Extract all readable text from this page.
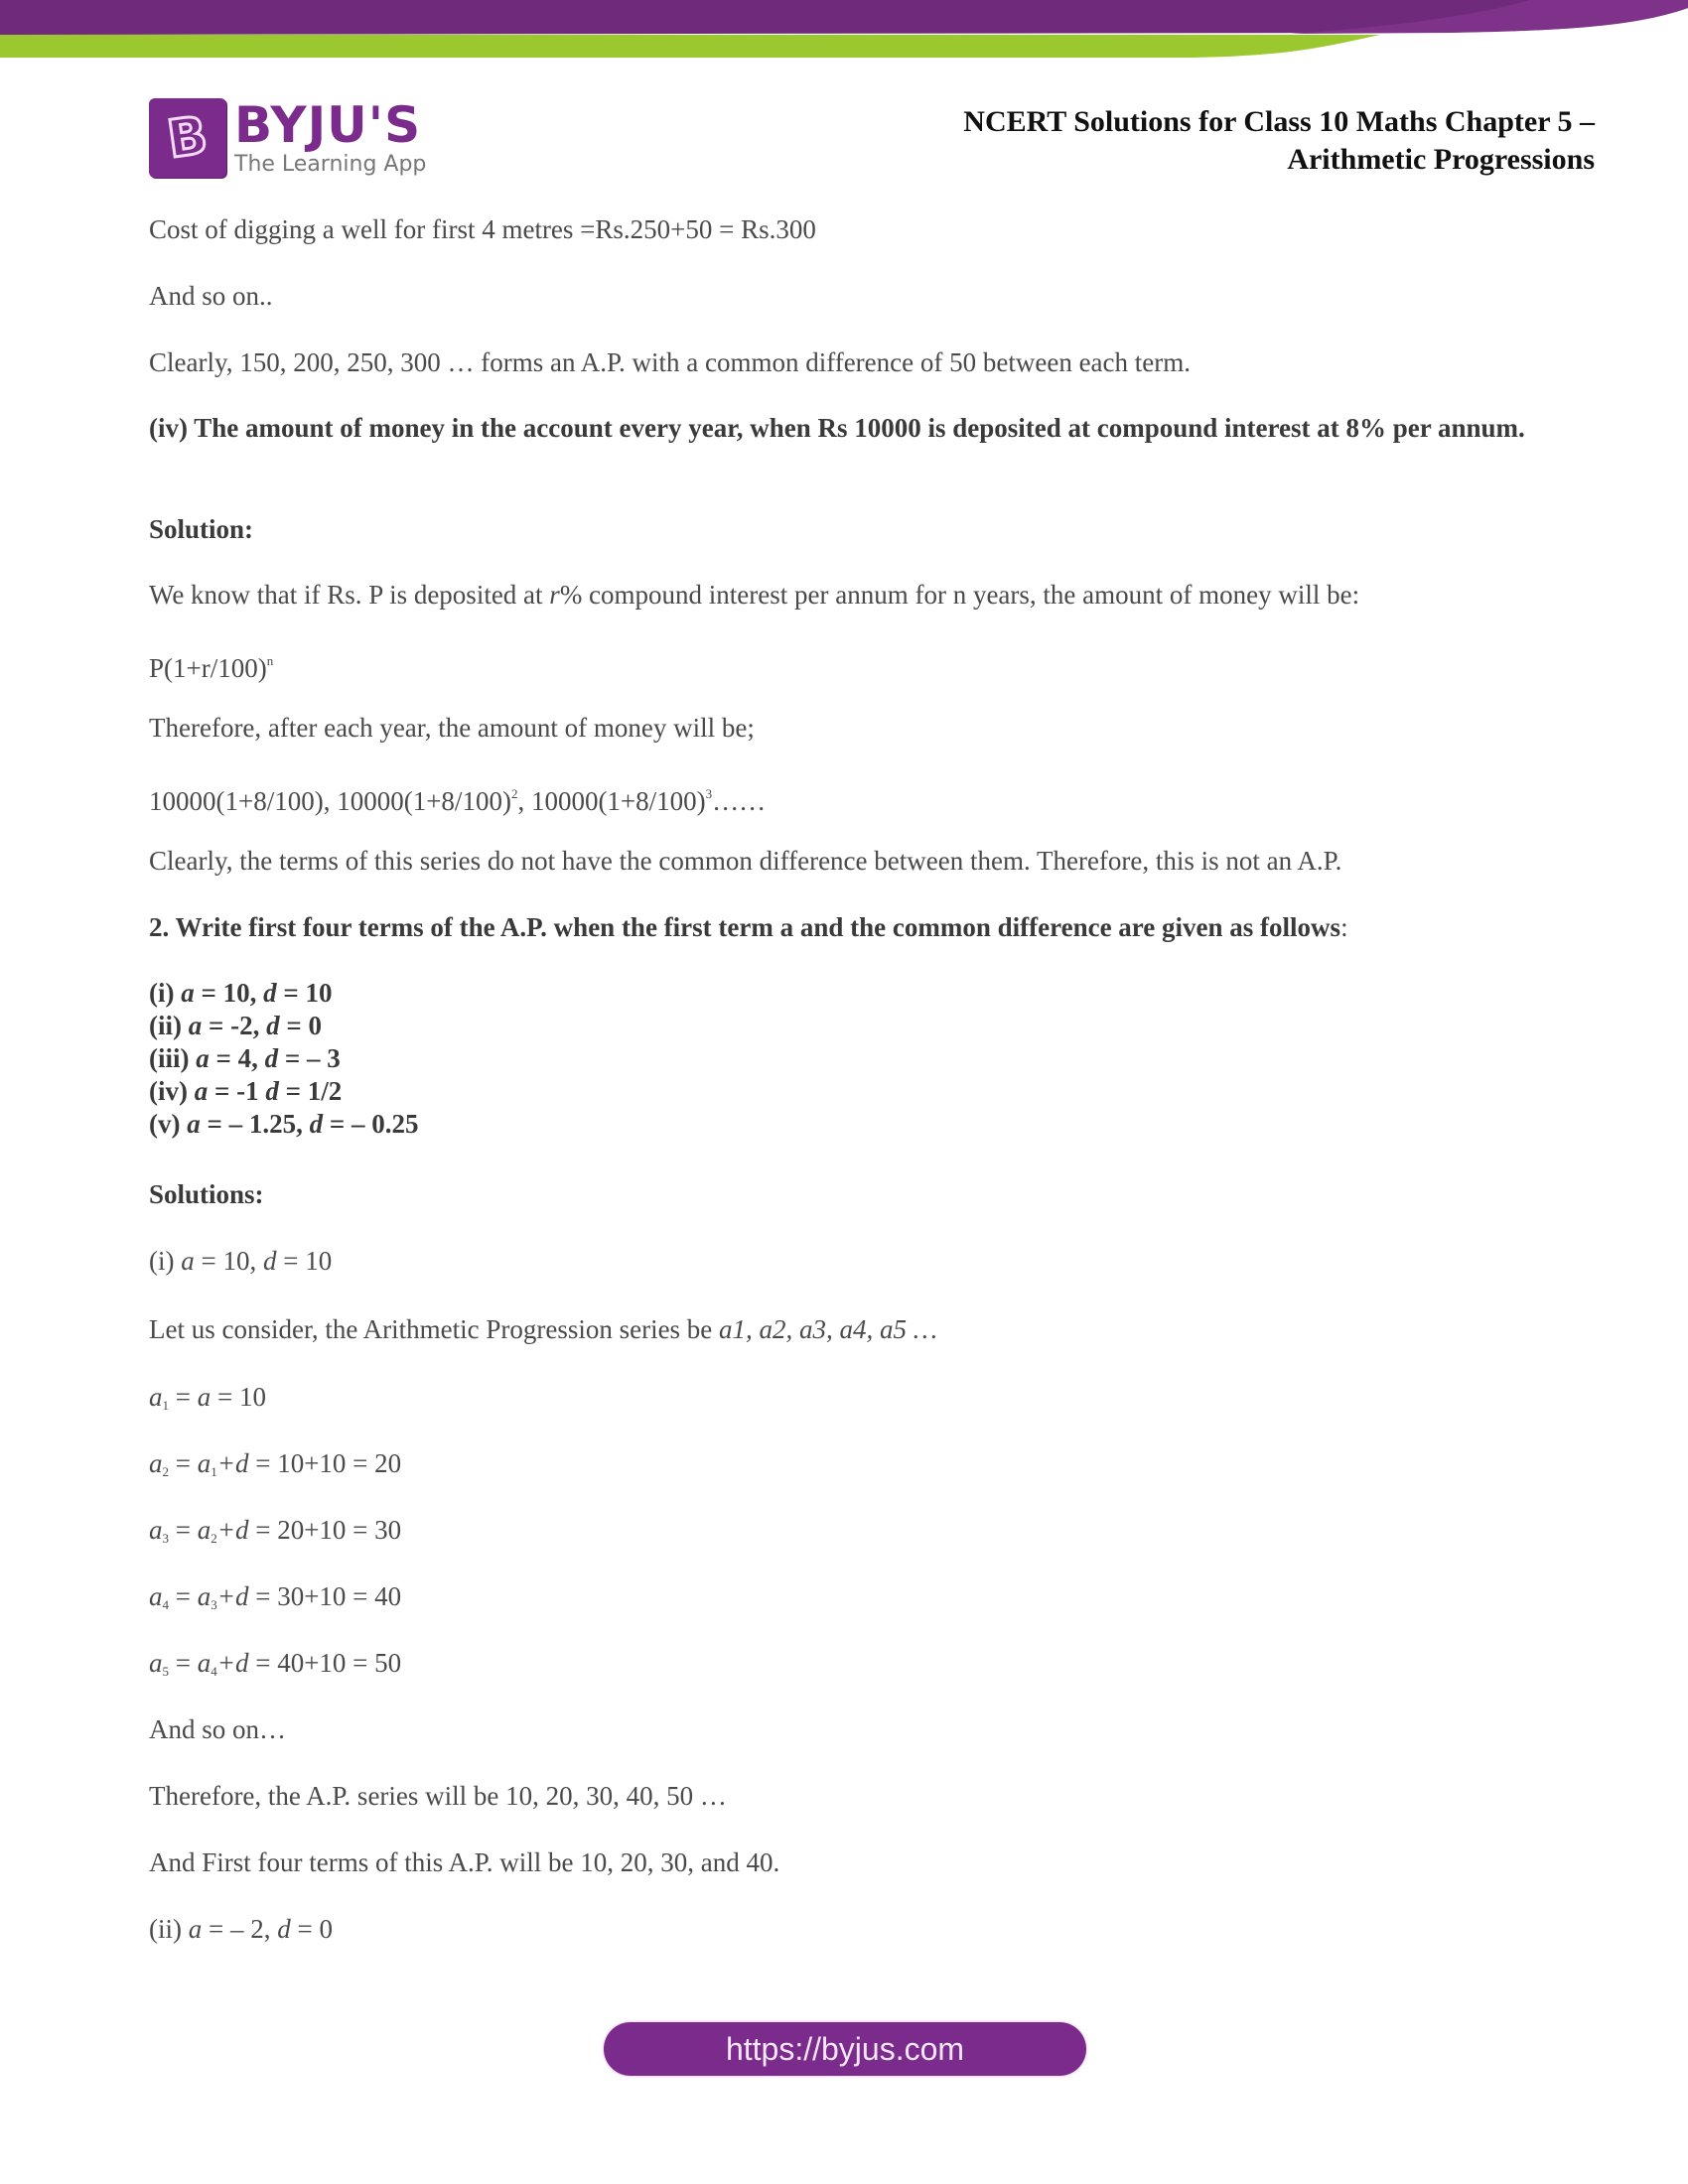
B BYJU'S
The Learning App
NCERT Solutions for Class 10 Maths Chapter 5 –
Arithmetic Progressions
Cost of digging a well for first 4 metres =Rs.250+50 = Rs.300
And so on..
Clearly, 150, 200, 250, 300 … forms an A.P. with a common difference of 50 between each term.
(iv) The amount of money in the account every year, when Rs 10000 is deposited at compound interest at 8% per annum.
Solution:
We know that if Rs. P is deposited at r% compound interest per annum for n years, the amount of money will be:
$P(1+r/100)^n$
Therefore, after each year, the amount of money will be;
10000(1+8/100), $10000(1+8/100)^2$, $10000(1+8/100)^3\dots\dots$
Clearly, the terms of this series do not have the common difference between them. Therefore, this is not an A.P.
2. Write first four terms of the A.P. when the first term a and the common difference are given as follows:
(i) a = 10, d = 10
(ii) a = -2, d = 0
(iii) a = 4, d = – 3
(iv) a = -1 d = 1/2
(v) a = – 1.25, d = – 0.25
Solutions:
(i) a = 10, d = 10
Let us consider, the Arithmetic Progression series be a1, a2, a3, a4, a5 …
$a_1 = a = 10$
$a_2 = a_1+d = 10+10 = 20$
$a_3 = a_2+d = 20+10 = 30$
$a_4 = a_3+d = 30+10 = 40$
$a_5 = a_4+d = 40+10 = 50$
And so on…
Therefore, the A.P. series will be 10, 20, 30, 40, 50 …
And First four terms of this A.P. will be 10, 20, 30, and 40.
(ii) a = – 2, d = 0
https://byjus.com
